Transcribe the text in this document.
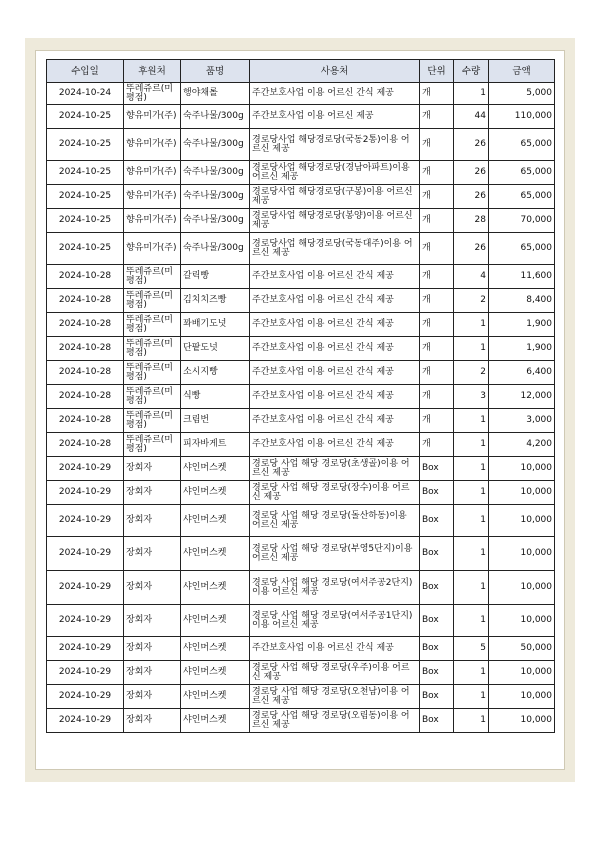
수입일	후원처	품명	사용처	단위	수량	금액
2024-10-24	뚜레쥬르(미평점)	행야채롤	주간보호사업 이용 어르신 간식 제공	개	1	5,000
2024-10-25	향유미가(주)	숙주나물/300g	주간보호사업 이용 어르신 제공	개	44	110,000
2024-10-25	향유미가(주)	숙주나물/300g	경로당사업 해당경로당(국동2통)이용 어르신 제공	개	26	65,000
2024-10-25	향유미가(주)	숙주나물/300g	경로당사업 해당경로당(경남아파트)이용 어르신 제공	개	26	65,000
2024-10-25	향유미가(주)	숙주나물/300g	경로당사업 해당경로당(구봉)이용 어르신 제공	개	26	65,000
2024-10-25	향유미가(주)	숙주나물/300g	경로당사업 해당경로당(봉양)이용 어르신 제공	개	28	70,000
2024-10-25	향유미가(주)	숙주나물/300g	경로당사업 해당경로당(국동대주)이용 어르신 제공	개	26	65,000
2024-10-28	뚜레쥬르(미평점)	갈릭빵	주간보호사업 이용 어르신 간식 제공	개	4	11,600
2024-10-28	뚜레쥬르(미평점)	김치치즈빵	주간보호사업 이용 어르신 간식 제공	개	2	8,400
2024-10-28	뚜레쥬르(미평점)	꽈배기도넛	주간보호사업 이용 어르신 간식 제공	개	1	1,900
2024-10-28	뚜레쥬르(미평점)	단팥도넛	주간보호사업 이용 어르신 간식 제공	개	1	1,900
2024-10-28	뚜레쥬르(미평점)	소시지빵	주간보호사업 이용 어르신 간식 제공	개	2	6,400
2024-10-28	뚜레쥬르(미평점)	식빵	주간보호사업 이용 어르신 간식 제공	개	3	12,000
2024-10-28	뚜레쥬르(미평점)	크림번	주간보호사업 이용 어르신 간식 제공	개	1	3,000
2024-10-28	뚜레쥬르(미평점)	피자바게트	주간보호사업 이용 어르신 간식 제공	개	1	4,200
2024-10-29	장회자	샤인머스켓	경로당 사업 해당 경로당(초생골)이용 어르신 제공	Box	1	10,000
2024-10-29	장회자	샤인머스켓	경로당 사업 해당 경로당(장수)이용 어르신 제공	Box	1	10,000
2024-10-29	장회자	샤인머스켓	경로당 사업 해당 경로당(돌산하동)이용 어르신 제공	Box	1	10,000
2024-10-29	장회자	샤인머스켓	경로당 사업 해당 경로당(부영5단지)이용 어르신 제공	Box	1	10,000
2024-10-29	장회자	샤인머스켓	경로당 사업 해당 경로당(여서주공2단지)이용 어르신 제공	Box	1	10,000
2024-10-29	장회자	샤인머스켓	경로당 사업 해당 경로당(여서주공1단지)이용 어르신 제공	Box	1	10,000
2024-10-29	장회자	샤인머스켓	주간보호사업 이용 어르신 간식 제공	Box	5	50,000
2024-10-29	장회자	샤인머스켓	경로당 사업 해당 경로당(우주)이용 어르신 제공	Box	1	10,000
2024-10-29	장회자	샤인머스켓	경로당 사업 해당 경로당(오천남)이용 어르신 제공	Box	1	10,000
2024-10-29	장회자	샤인머스켓	경로당 사업 해당 경로당(오림동)이용 어르신 제공	Box	1	10,000
